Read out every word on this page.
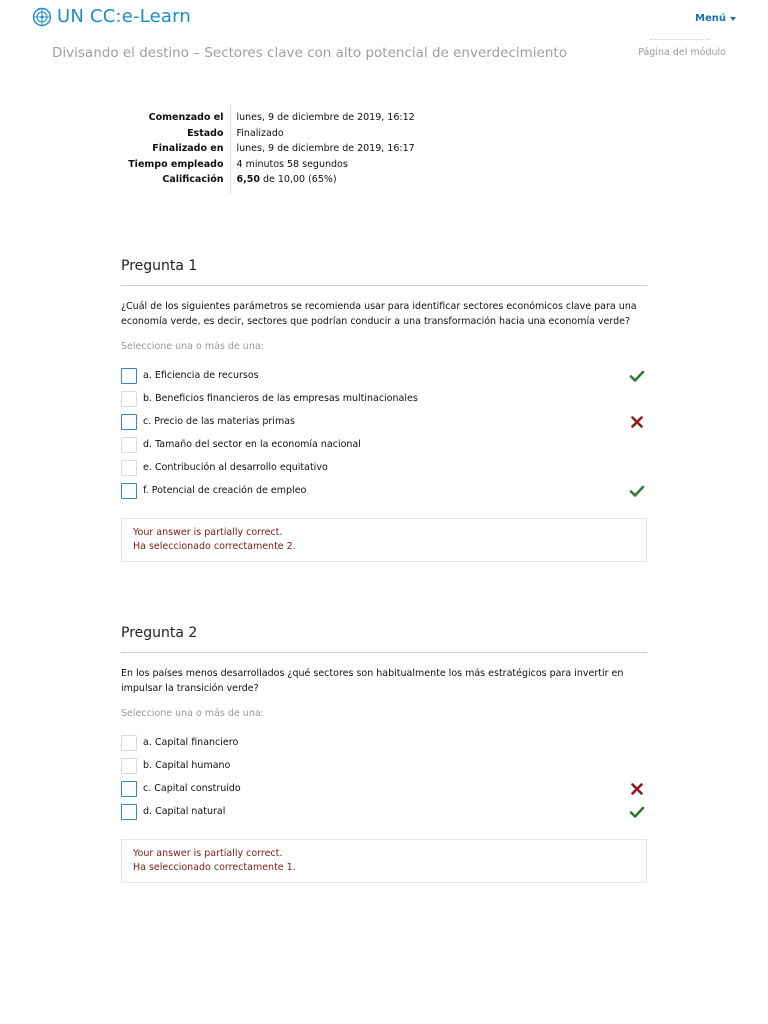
UN CC:e-Learn	Menú
Divisando el destino – Sectores clave con alto potencial de enverdecimiento	Página del módulo
Comenzado el	lunes, 9 de diciembre de 2019, 16:12
Estado	Finalizado
Finalizado en	lunes, 9 de diciembre de 2019, 16:17
Tiempo empleado	4 minutos 58 segundos
Calificación	6,50 de 10,00 (65%)
Pregunta 1
¿Cuál de los siguientes parámetros se recomienda usar para identificar sectores económicos clave para una economía verde, es decir, sectores que podrían conducir a una transformación hacia una economía verde?
Seleccione una o más de una:
a. Eficiencia de recursos
b. Beneficios financieros de las empresas multinacionales
c. Precio de las materias primas
d. Tamaño del sector en la economía nacional
e. Contribución al desarrollo equitativo
f. Potencial de creación de empleo
Your answer is partially correct.
Ha seleccionado correctamente 2.
Pregunta 2
En los países menos desarrollados ¿qué sectores son habitualmente los más estratégicos para invertir en impulsar la transición verde?
Seleccione una o más de una:
a. Capital financiero
b. Capital humano
c. Capital construido
d. Capital natural
Your answer is partially correct.
Ha seleccionado correctamente 1.
